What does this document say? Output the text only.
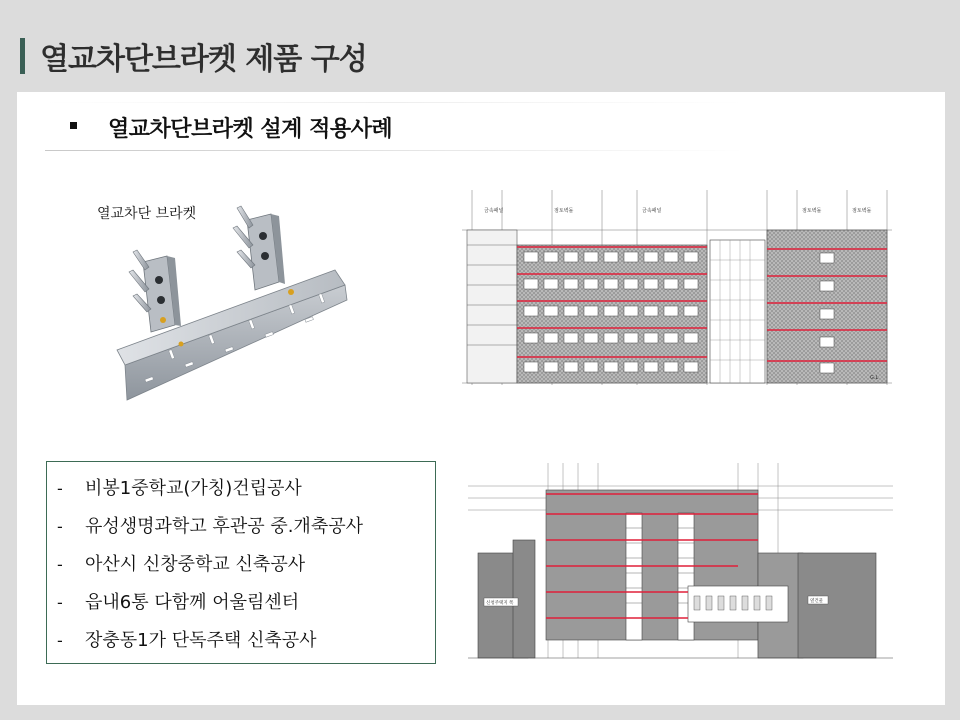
열교차단브라켓 제품 구성
열교차단브라켓 설계 적용사례
열교차단 브라켓	금속패널	점토벽돌	금속패널	점토벽돌	점토벽돌
G.L
신청주택지 쪽	옆건물
- 비봉1중학교(가칭)건립공사
- 유성생명과학고 후관공 중.개축공사
- 아산시 신창중학교 신축공사
- 읍내6통 다함께 어울림센터
- 장충동1가 단독주택 신축공사
